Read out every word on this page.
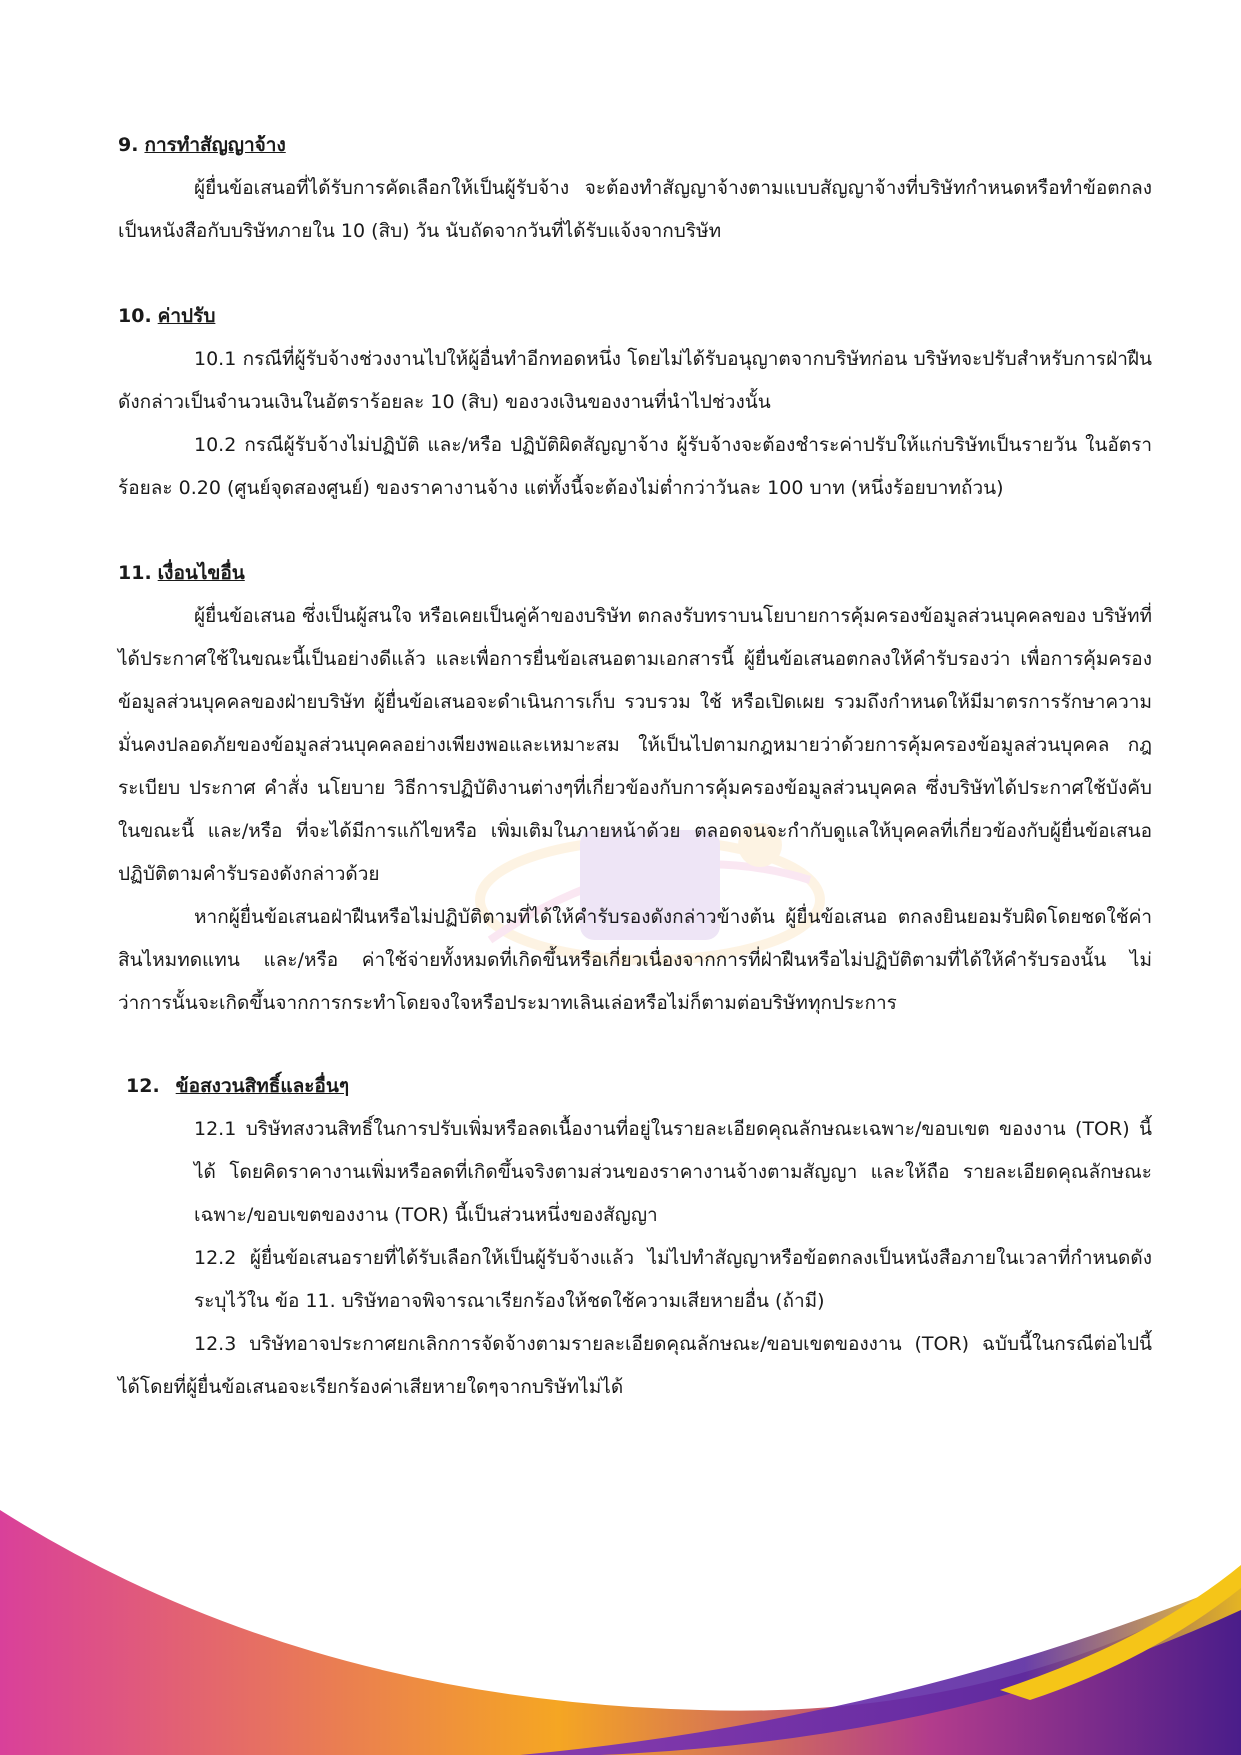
9. การทำสัญญาจ้าง

ผู้ยื่นข้อเสนอที่ได้รับการคัดเลือกให้เป็นผู้รับจ้าง จะต้องทำสัญญาจ้างตามแบบสัญญาจ้างที่บริษัทกำหนดหรือทำข้อตกลงเป็นหนังสือกับบริษัทภายใน 10 (สิบ) วัน นับถัดจากวันที่ได้รับแจ้งจากบริษัท

10. ค่าปรับ

10.1 กรณีที่ผู้รับจ้างช่วงงานไปให้ผู้อื่นทำอีกทอดหนึ่ง โดยไม่ได้รับอนุญาตจากบริษัทก่อน บริษัทจะปรับสำหรับการฝ่าฝืนดังกล่าวเป็นจำนวนเงินในอัตราร้อยละ 10 (สิบ) ของวงเงินของงานที่นำไปช่วงนั้น

10.2 กรณีผู้รับจ้างไม่ปฏิบัติ และ/หรือ ปฏิบัติผิดสัญญาจ้าง ผู้รับจ้างจะต้องชำระค่าปรับให้แก่บริษัทเป็นรายวัน ในอัตราร้อยละ 0.20 (ศูนย์จุดสองศูนย์) ของราคางานจ้าง แต่ทั้งนี้จะต้องไม่ต่ำกว่าวันละ 100 บาท (หนึ่งร้อยบาทถ้วน)

11. เงื่อนไขอื่น

ผู้ยื่นข้อเสนอ ซึ่งเป็นผู้สนใจ หรือเคยเป็นคู่ค้าของบริษัท ตกลงรับทราบนโยบายการคุ้มครองข้อมูลส่วนบุคคลของ บริษัทที่ได้ประกาศใช้ในขณะนี้เป็นอย่างดีแล้ว และเพื่อการยื่นข้อเสนอตามเอกสารนี้ ผู้ยื่นข้อเสนอตกลงให้คำรับรองว่า เพื่อการคุ้มครองข้อมูลส่วนบุคคลของฝ่ายบริษัท ผู้ยื่นข้อเสนอจะดำเนินการเก็บ รวบรวม ใช้ หรือเปิดเผย รวมถึงกำหนดให้มีมาตรการรักษาความมั่นคงปลอดภัยของข้อมูลส่วนบุคคลอย่างเพียงพอและเหมาะสม ให้เป็นไปตามกฎหมายว่าด้วยการคุ้มครองข้อมูลส่วนบุคคล กฎ ระเบียบ ประกาศ คำสั่ง นโยบาย วิธีการปฏิบัติงานต่างๆที่เกี่ยวข้องกับการคุ้มครองข้อมูลส่วนบุคคล ซึ่งบริษัทได้ประกาศใช้บังคับในขณะนี้ และ/หรือ ที่จะได้มีการแก้ไขหรือ เพิ่มเติมในภายหน้าด้วย ตลอดจนจะกำกับดูแลให้บุคคลที่เกี่ยวข้องกับผู้ยื่นข้อเสนอปฏิบัติตามคำรับรองดังกล่าวด้วย

หากผู้ยื่นข้อเสนอฝ่าฝืนหรือไม่ปฏิบัติตามที่ได้ให้คำรับรองดังกล่าวข้างต้น ผู้ยื่นข้อเสนอ ตกลงยินยอมรับผิดโดยชดใช้ค่าสินไหมทดแทน และ/หรือ ค่าใช้จ่ายทั้งหมดที่เกิดขึ้นหรือเกี่ยวเนื่องจากการที่ฝ่าฝืนหรือไม่ปฏิบัติตามที่ได้ให้คำรับรองนั้น ไม่ว่าการนั้นจะเกิดขึ้นจากการกระทำโดยจงใจหรือประมาทเลินเล่อหรือไม่ก็ตามต่อบริษัททุกประการ

12. ข้อสงวนสิทธิ์และอื่นๆ

12.1 บริษัทสงวนสิทธิ์ในการปรับเพิ่มหรือลดเนื้องานที่อยู่ในรายละเอียดคุณลักษณะเฉพาะ/ขอบเขต ของงาน (TOR) นี้ได้ โดยคิดราคางานเพิ่มหรือลดที่เกิดขึ้นจริงตามส่วนของราคางานจ้างตามสัญญา และให้ถือ รายละเอียดคุณลักษณะเฉพาะ/ขอบเขตของงาน (TOR) นี้เป็นส่วนหนึ่งของสัญญา

12.2 ผู้ยื่นข้อเสนอรายที่ได้รับเลือกให้เป็นผู้รับจ้างแล้ว ไม่ไปทำสัญญาหรือข้อตกลงเป็นหนังสือภายในเวลาที่กำหนดดังระบุไว้ใน ข้อ 11. บริษัทอาจพิจารณาเรียกร้องให้ชดใช้ความเสียหายอื่น (ถ้ามี)

12.3 บริษัทอาจประกาศยกเลิกการจัดจ้างตามรายละเอียดคุณลักษณะ/ขอบเขตของงาน (TOR) ฉบับนี้ในกรณีต่อไปนี้ได้โดยที่ผู้ยื่นข้อเสนอจะเรียกร้องค่าเสียหายใดๆจากบริษัทไม่ได้
